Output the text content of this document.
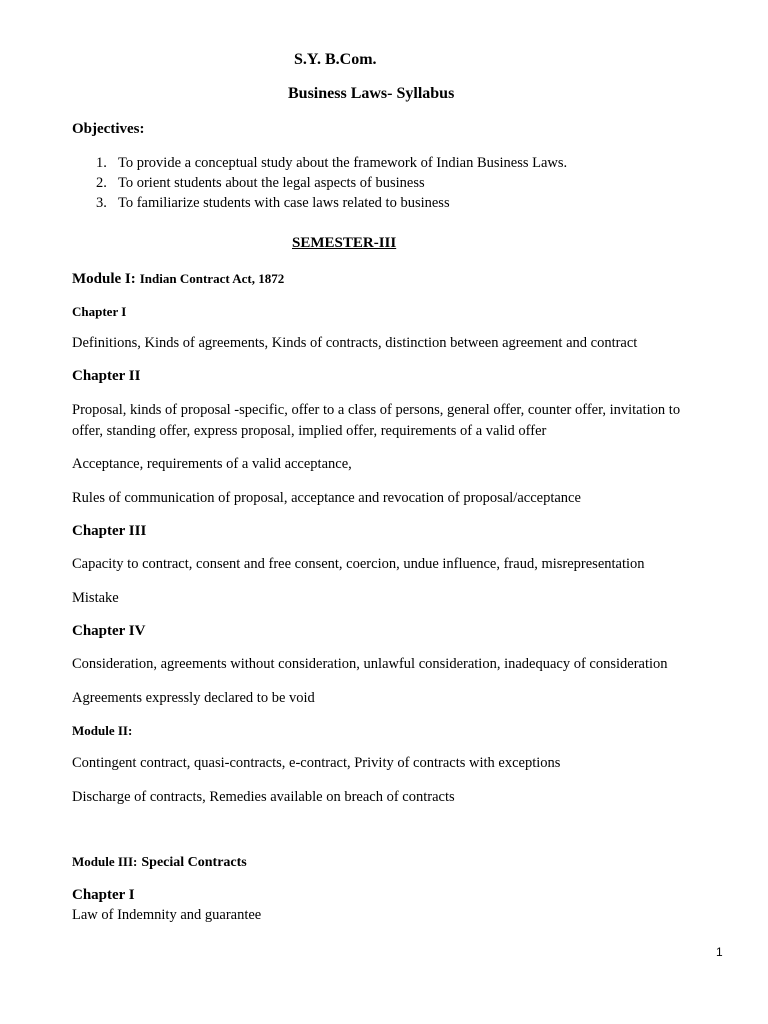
S.Y. B.Com.
Business Laws- Syllabus
Objectives:
1. To provide a conceptual study about the framework of Indian Business Laws.
2. To orient students about the legal aspects of business
3. To familiarize students with case laws related to business
SEMESTER-III
Module I: Indian Contract Act, 1872
Chapter I
Definitions, Kinds of agreements, Kinds of contracts, distinction between agreement and contract
Chapter II
Proposal, kinds of proposal -specific, offer to a class of persons, general offer, counter offer, invitation to
offer, standing offer, express proposal, implied offer, requirements of a valid offer
Acceptance, requirements of a valid acceptance,
Rules of communication of proposal, acceptance and revocation of proposal/acceptance
Chapter III
Capacity to contract, consent and free consent, coercion, undue influence, fraud, misrepresentation
Mistake
Chapter IV
Consideration, agreements without consideration, unlawful consideration, inadequacy of consideration
Agreements expressly declared to be void
Module II:
Contingent contract, quasi-contracts, e-contract, Privity of contracts with exceptions
Discharge of contracts, Remedies available on breach of contracts
Module III: Special Contracts
Chapter I
Law of Indemnity and guarantee
1
